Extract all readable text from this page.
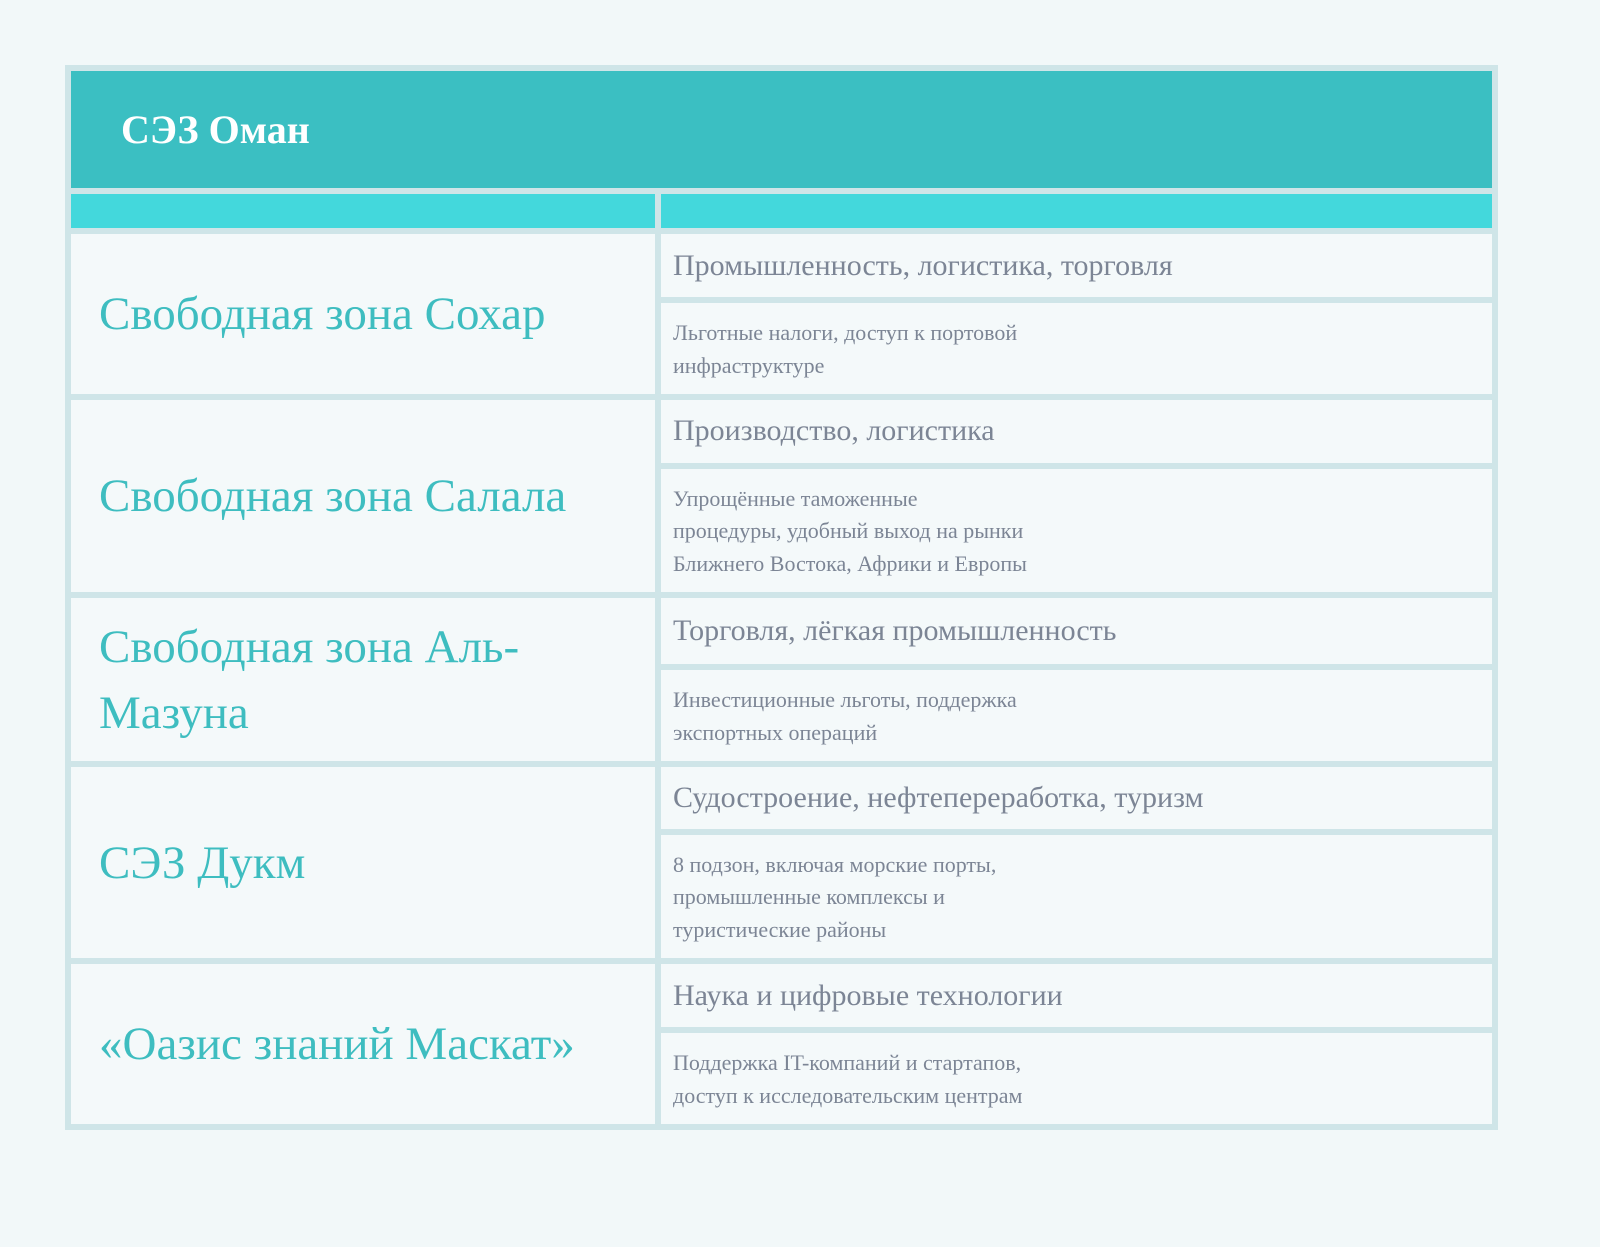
СЭЗ Оман
Свободная зона Сохар
Промышленность, логистика, торговля
Льготные налоги, доступ к портовой
инфраструктуре
Свободная зона Салала
Производство, логистика
Упрощённые таможенные
процедуры, удобный выход на рынки
Ближнего Востока, Африки и Европы
Свободная зона Аль-
Мазуна
Торговля, лёгкая промышленность
Инвестиционные льготы, поддержка
экспортных операций
СЭЗ Дукм
Судостроение, нефтепереработка, туризм
8 подзон, включая морские порты,
промышленные комплексы и
туристические районы
«Оазис знаний Маскат»
Наука и цифровые технологии
Поддержка IT-компаний и стартапов,
доступ к исследовательским центрам
